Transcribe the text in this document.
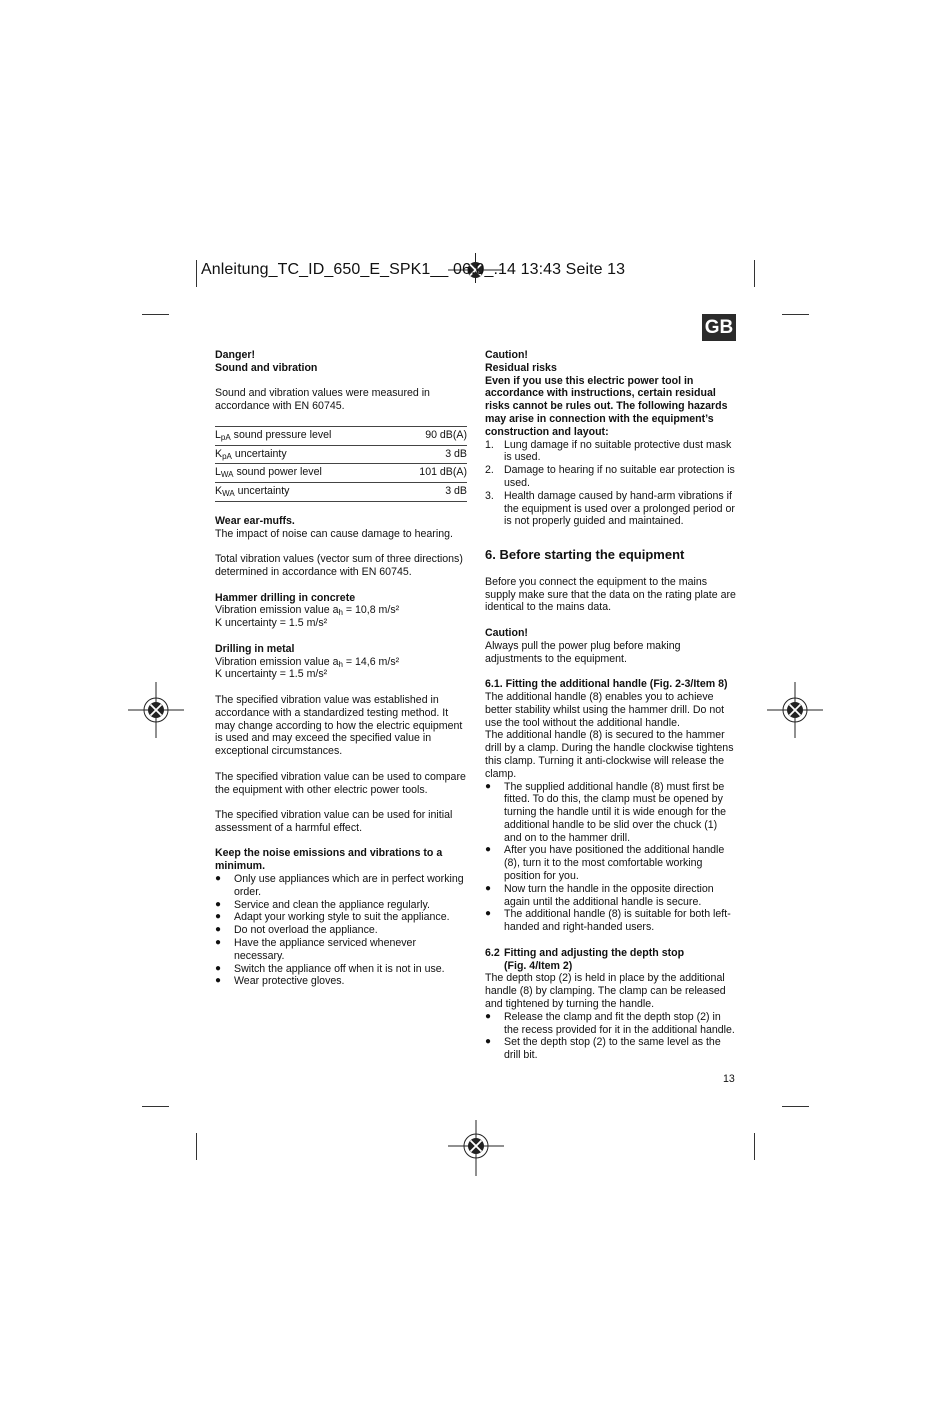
Anleitung_TC_ID_650_E_SPK1__ 06.0_.14 13:43 Seite 13
GB

Danger!

Sound and vibration

Sound and vibration values were measured in accordance with EN 60745.

$L_{pA}$ sound pressure level	90 dB(A)
$K_{pA}$ uncertainty	3 dB
$L_{WA}$ sound power level	101 dB(A)
$K_{WA}$ uncertainty	3 dB

Wear ear-muffs.

The impact of noise can cause damage to hearing.

Total vibration values (vector sum of three directions) determined in accordance with EN 60745.

Hammer drilling in concrete

Vibration emission value $a_h = 10,8$ m/s²

K uncertainty = 1.5 m/s²

Drilling in metal

Vibration emission value $a_h = 14,6$ m/s²

K uncertainty = 1.5 m/s²

The specified vibration value was established in accordance with a standardized testing method. It may change according to how the electric equipment is used and may exceed the specified value in exceptional circumstances.

The specified vibration value can be used to compare the equipment with other electric power tools.

The specified vibration value can be used for initial assessment of a harmful effect.

Keep the noise emissions and vibrations to a minimum.

● Only use appliances which are in perfect working order.
● Service and clean the appliance regularly.
● Adapt your working style to suit the appliance.
● Do not overload the appliance.
● Have the appliance serviced whenever necessary.
● Switch the appliance off when it is not in use.
● Wear protective gloves.

Caution!

Residual risks

Even if you use this electric power tool in accordance with instructions, certain residual risks cannot be rules out. The following hazards may arise in connection with the equipment’s construction and layout:

1. Lung damage if no suitable protective dust mask is used.
2. Damage to hearing if no suitable ear protection is used.
3. Health damage caused by hand-arm vibrations if the equipment is used over a prolonged period or is not properly guided and maintained.
6. Before starting the equipment

Before you connect the equipment to the mains supply make sure that the data on the rating plate are identical to the mains data.

Caution!

Always pull the power plug before making adjustments to the equipment.

6.1. Fitting the additional handle (Fig. 2-3/Item 8)

The additional handle (8) enables you to achieve better stability whilst using the hammer drill. Do not use the tool without the additional handle.

The additional handle (8) is secured to the hammer drill by a clamp. During the handle clockwise tightens this clamp. Turning it anti-clockwise will release the clamp.

● The supplied additional handle (8) must first be fitted. To do this, the clamp must be opened by turning the handle until it is wide enough for the additional handle to be slid over the chuck (1) and on to the hammer drill.
● After you have positioned the additional handle (8), turn it to the most comfortable working position for you.
● Now turn the handle in the opposite direction again until the additional handle is secure.
● The additional handle (8) is suitable for both left-handed and right-handed users.
6.2 Fitting and adjusting the depth stop
(Fig. 4/Item 2)

The depth stop (2) is held in place by the additional handle (8) by clamping. The clamp can be released and tightened by turning the handle.

● Release the clamp and fit the depth stop (2) in the recess provided for it in the additional handle.
● Set the depth stop (2) to the same level as the drill bit.
13
